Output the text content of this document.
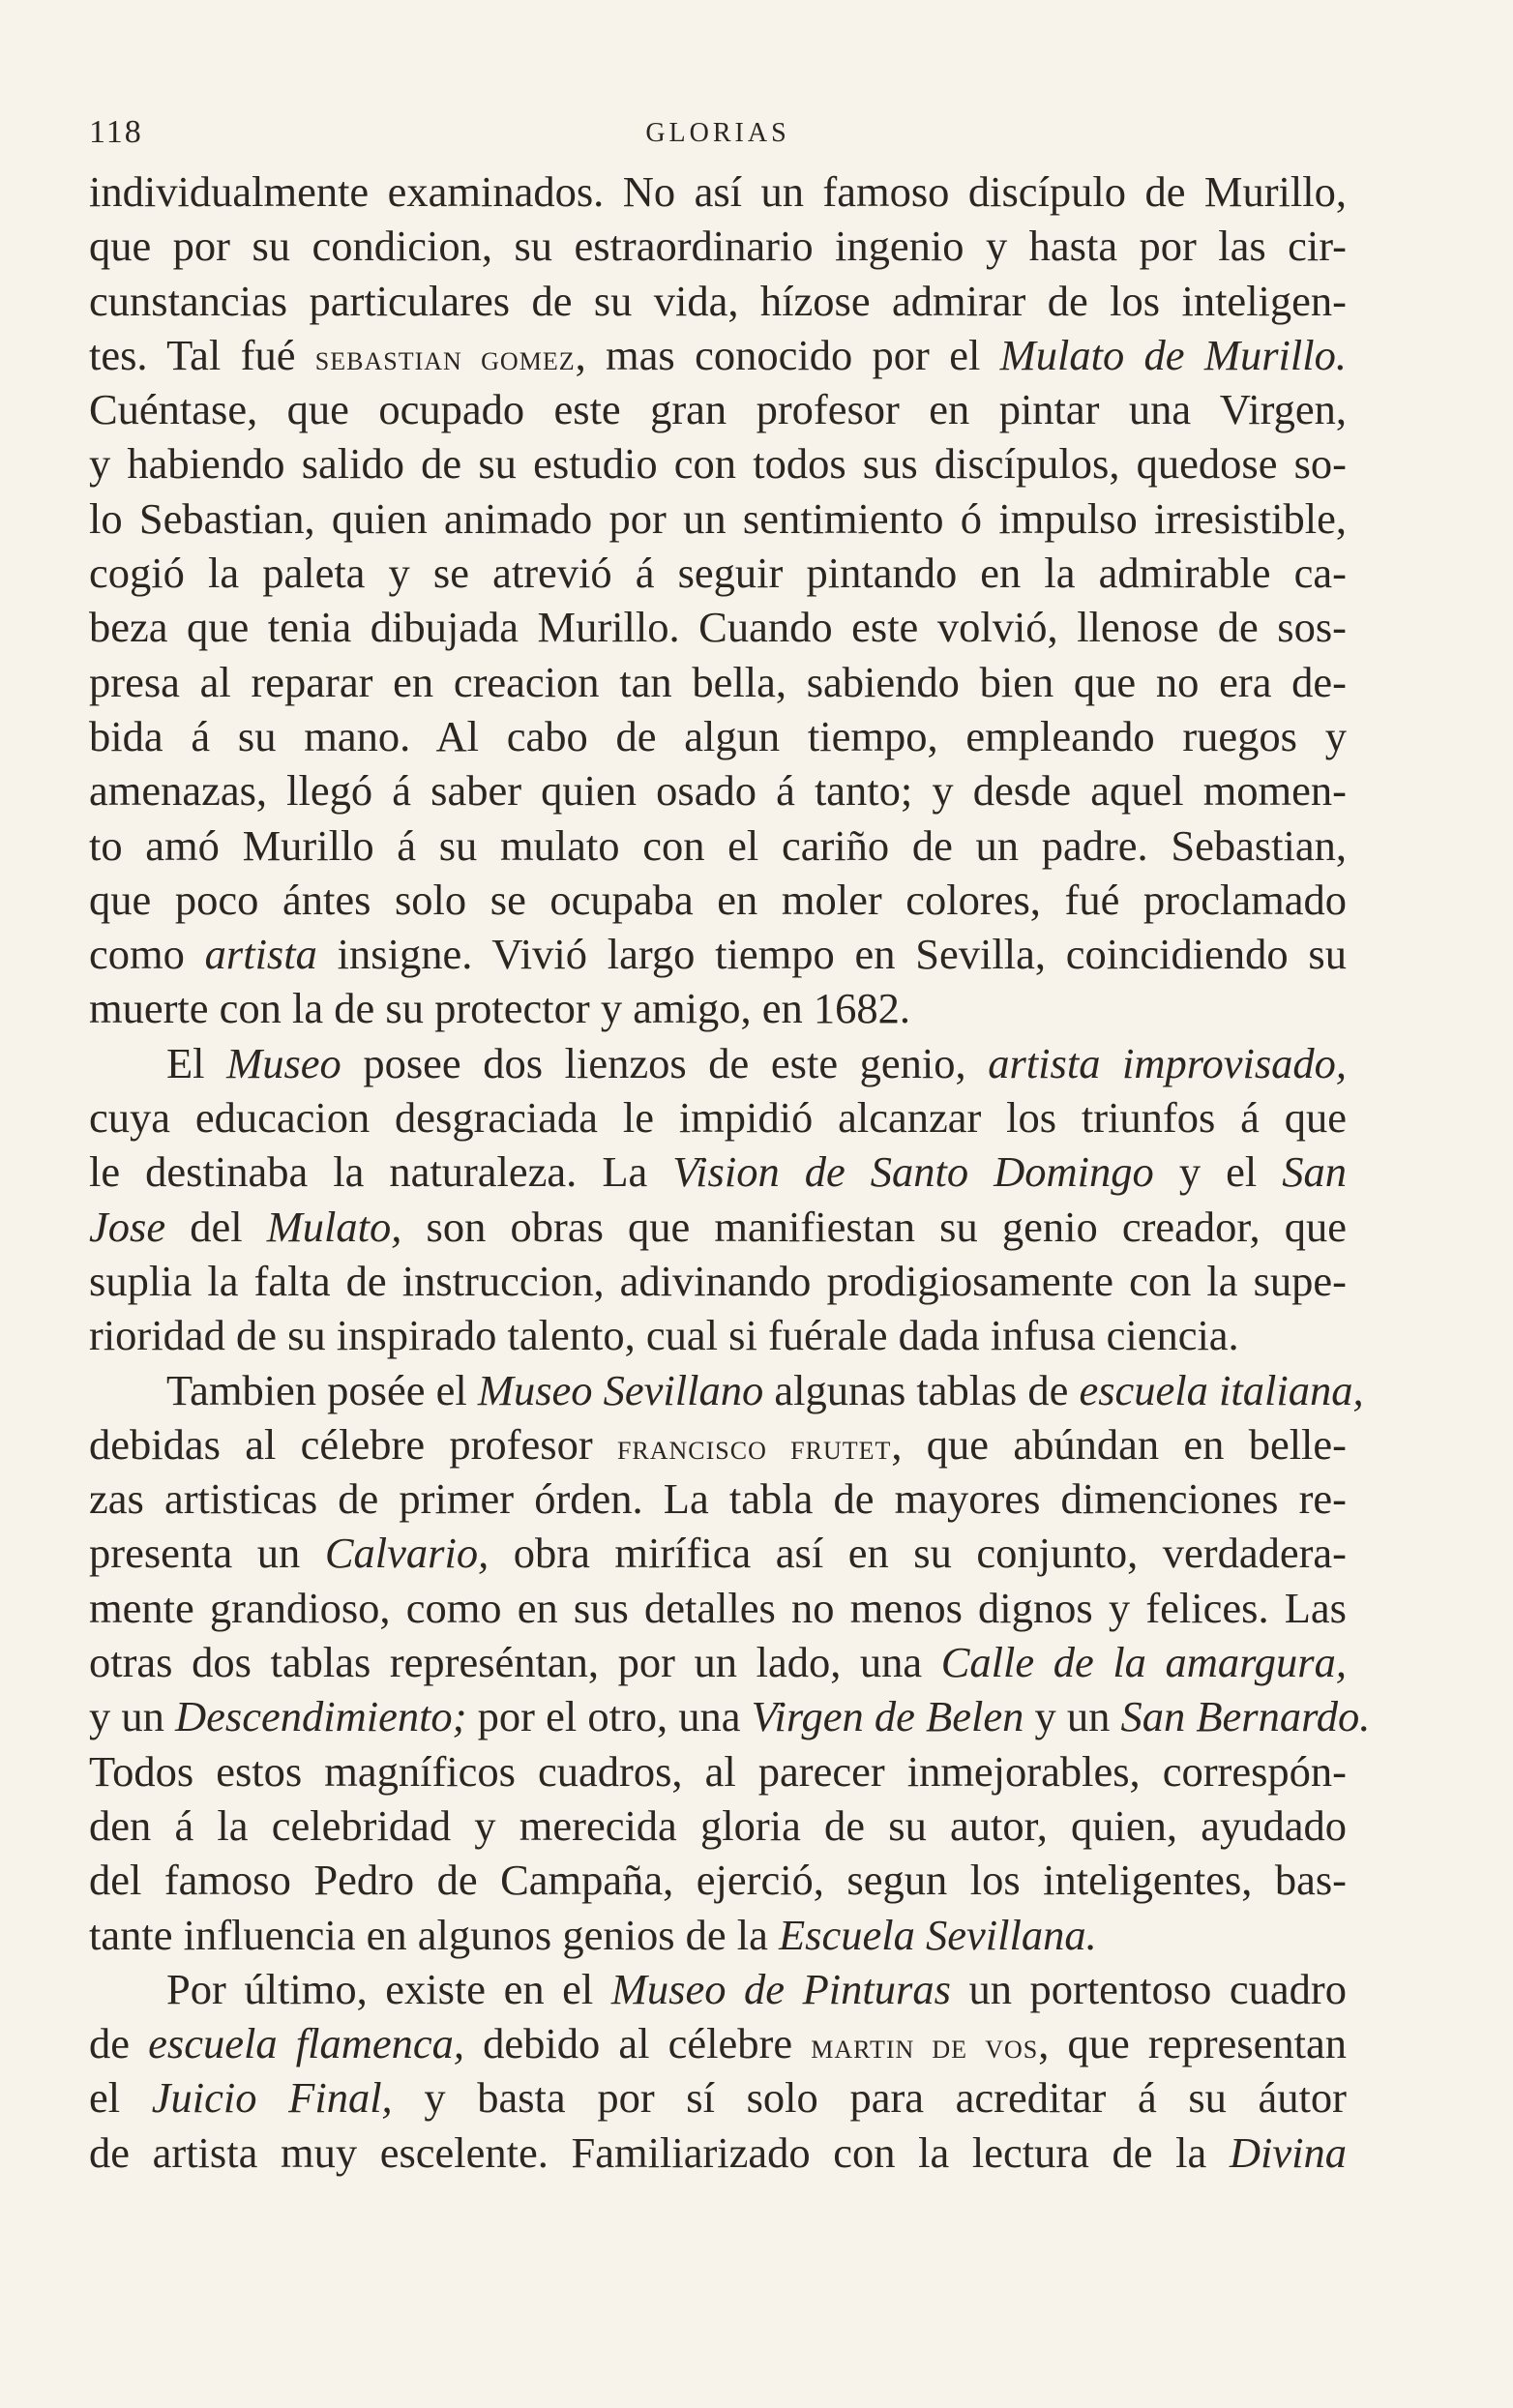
118	GLORIAS
individualmente examinados. No así un famoso discípulo de Murillo,
que por su condicion, su estraordinario ingenio y hasta por las cir-
cunstancias particulares de su vida, hízose admirar de los inteligen-
tes. Tal fué sebastian gomez, mas conocido por el Mulato de Murillo.
Cuéntase, que ocupado este gran profesor en pintar una Virgen,
y habiendo salido de su estudio con todos sus discípulos, quedose so-
lo Sebastian, quien animado por un sentimiento ó impulso irresistible,
cogió la paleta y se atrevió á seguir pintando en la admirable ca-
beza que tenia dibujada Murillo. Cuando este volvió, llenose de sos-
presa al reparar en creacion tan bella, sabiendo bien que no era de-
bida á su mano. Al cabo de algun tiempo, empleando ruegos y
amenazas, llegó á saber quien osado á tanto; y desde aquel momen-
to amó Murillo á su mulato con el cariño de un padre. Sebastian,
que poco ántes solo se ocupaba en moler colores, fué proclamado
como artista insigne. Vivió largo tiempo en Sevilla, coincidiendo su
muerte con la de su protector y amigo, en 1682.
El Museo posee dos lienzos de este genio, artista improvisado,
cuya educacion desgraciada le impidió alcanzar los triunfos á que
le destinaba la naturaleza. La Vision de Santo Domingo y el San
Jose del Mulato, son obras que manifiestan su genio creador, que
suplia la falta de instruccion, adivinando prodigiosamente con la supe-
rioridad de su inspirado talento, cual si fuérale dada infusa ciencia.
Tambien posée el Museo Sevillano algunas tablas de escuela italiana,
debidas al célebre profesor francisco frutet, que abúndan en belle-
zas artisticas de primer órden. La tabla de mayores dimenciones re-
presenta un Calvario, obra mirífica así en su conjunto, verdadera-
mente grandioso, como en sus detalles no menos dignos y felices. Las
otras dos tablas represéntan, por un lado, una Calle de la amargura,
y un Descendimiento; por el otro, una Virgen de Belen y un San Bernardo.
Todos estos magníficos cuadros, al parecer inmejorables, correspón-
den á la celebridad y merecida gloria de su autor, quien, ayudado
del famoso Pedro de Campaña, ejerció, segun los inteligentes, bas-
tante influencia en algunos genios de la Escuela Sevillana.
Por último, existe en el Museo de Pinturas un portentoso cuadro
de escuela flamenca, debido al célebre martin de vos, que representan
el Juicio Final, y basta por sí solo para acreditar á su áutor
de artista muy escelente. Familiarizado con la lectura de la Divina
